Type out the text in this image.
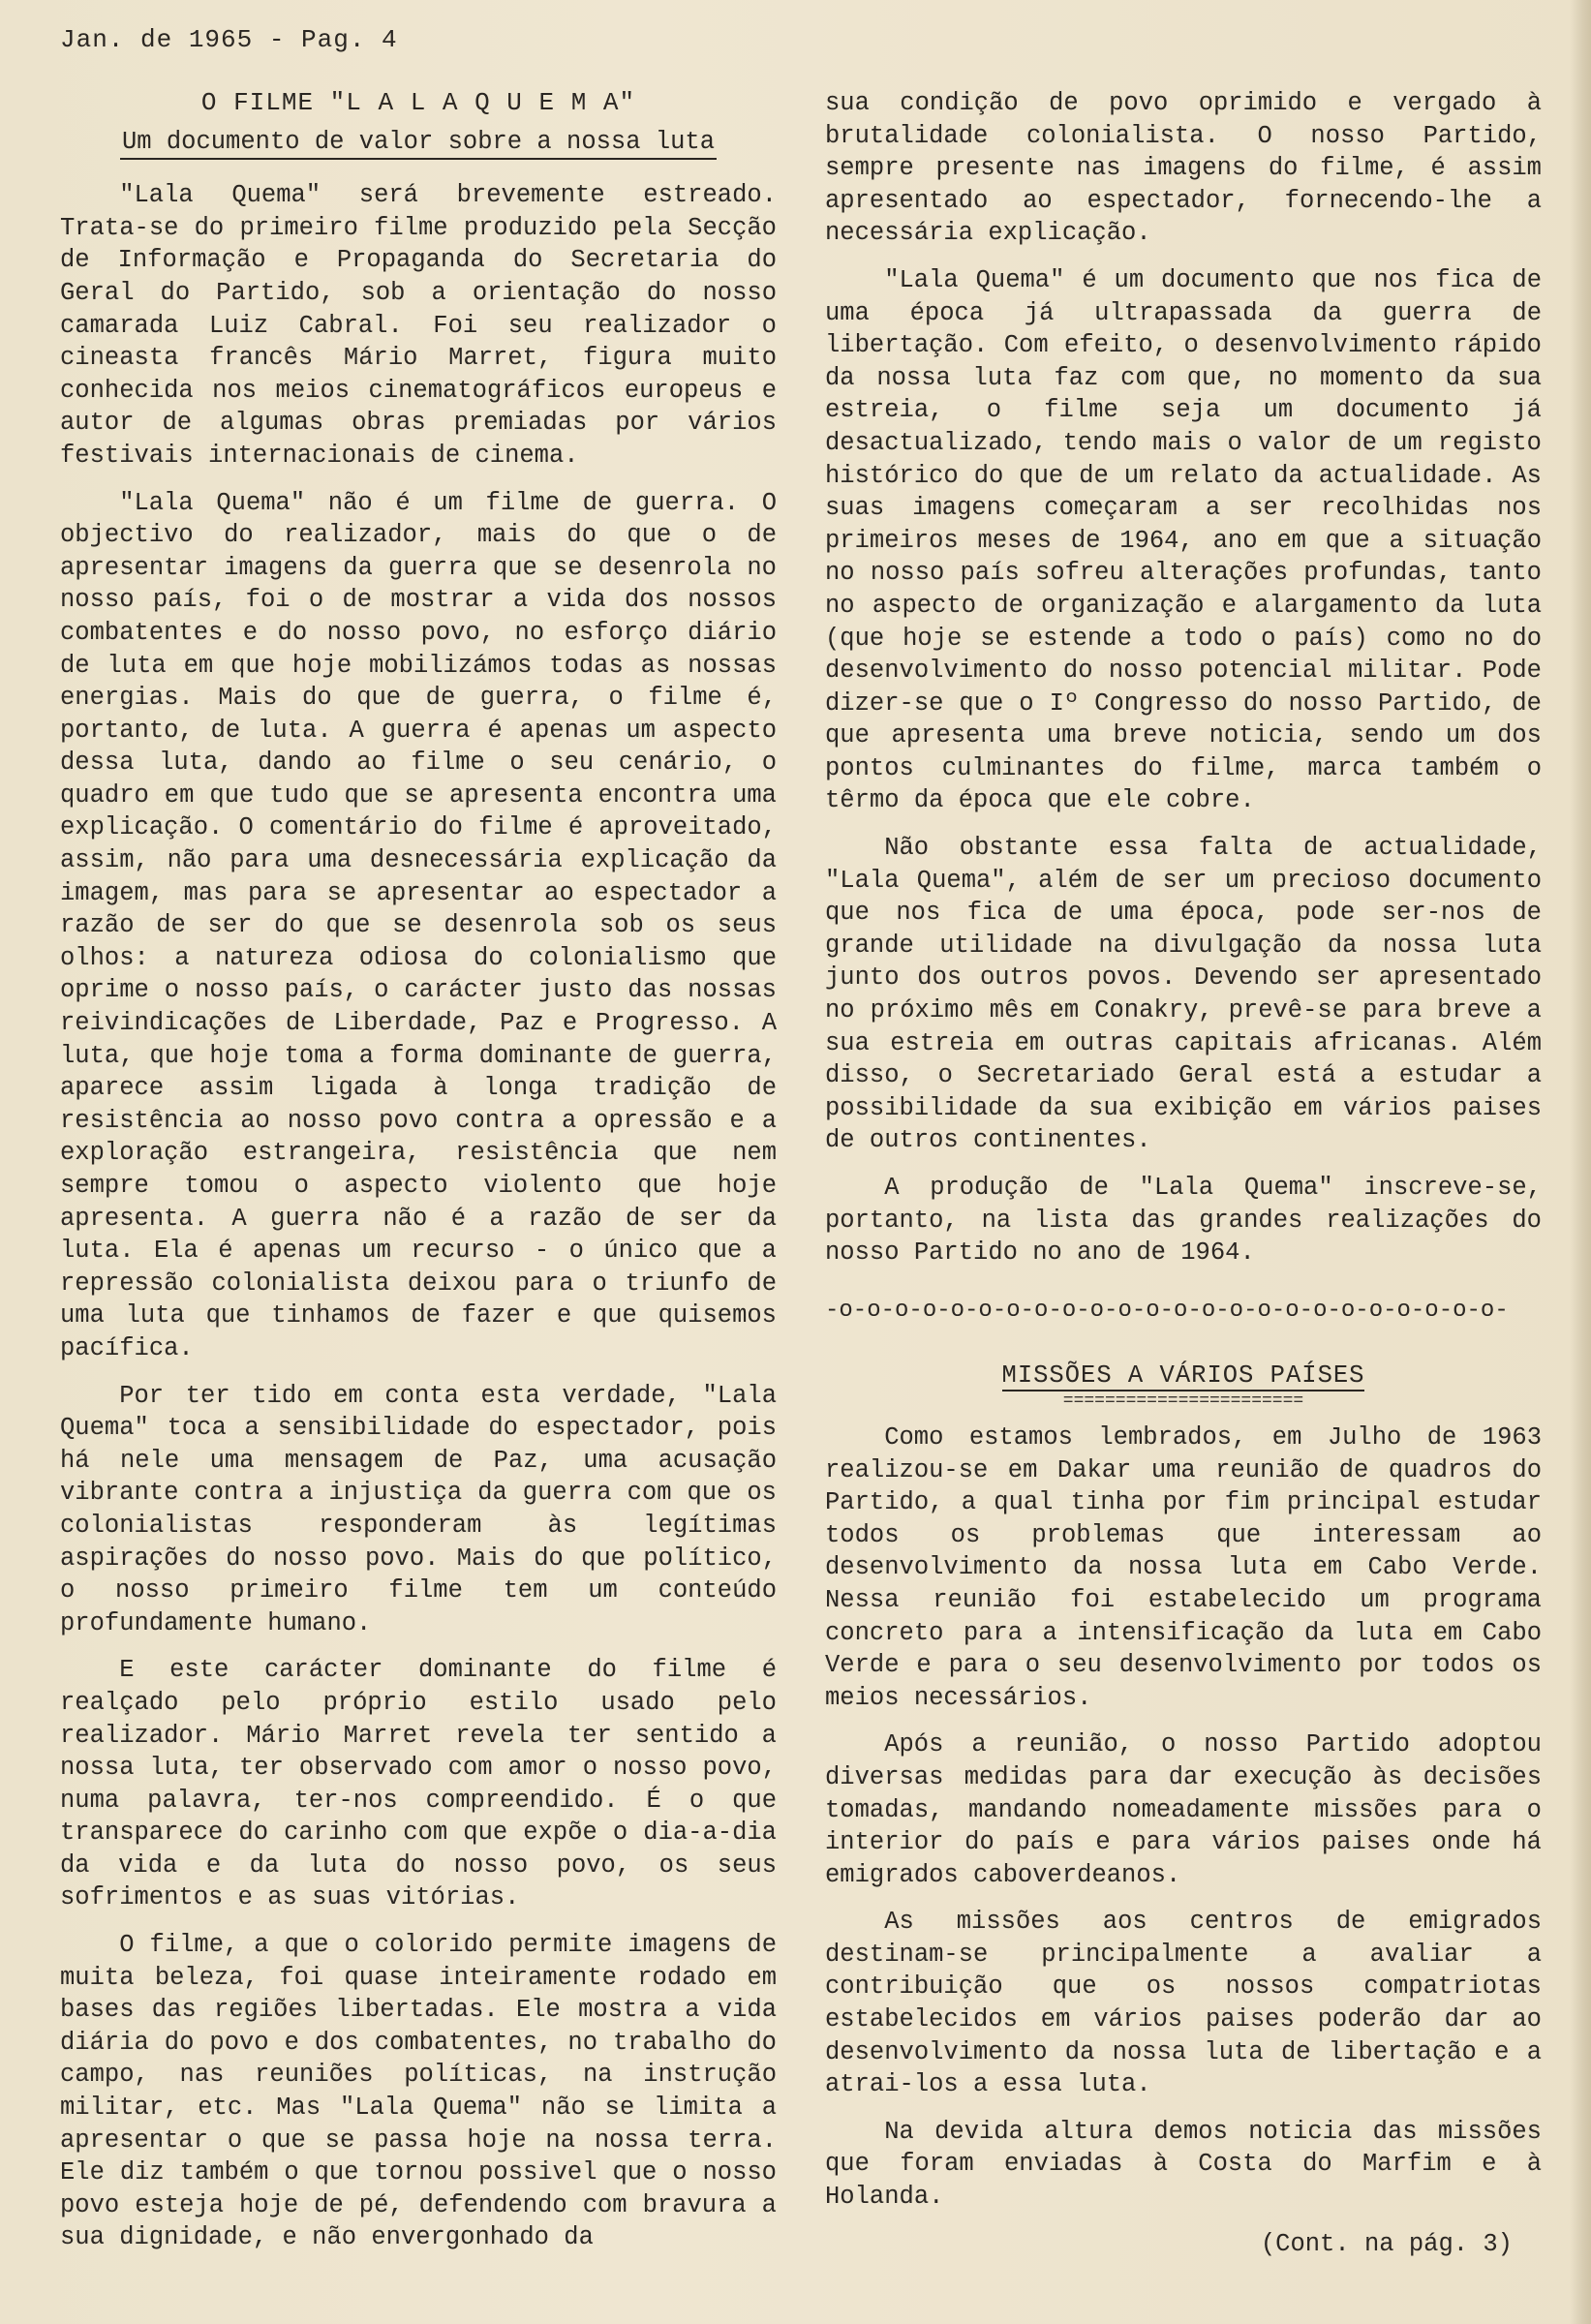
Jan. de 1965 - Pag. 4
O FILME "L A L A Q U E M A"
Um documento de valor sobre a nossa luta

"Lala Quema" será brevemente estreado. Trata-se do primeiro filme produzido pela Secção de Informação e Propaganda do Secretaria do Geral do Partido, sob a orientação do nosso camarada Luiz Cabral. Foi seu realizador o cineasta francês Mário Marret, figura muito conhecida nos meios cinematográficos europeus e autor de algumas obras premiadas por vários festivais internacionais de cinema.

"Lala Quema" não é um filme de guerra. O objectivo do realizador, mais do que o de apresentar imagens da guerra que se desenrola no nosso país, foi o de mostrar a vida dos nossos combatentes e do nosso povo, no esforço diário de luta em que hoje mobilizámos todas as nossas energias. Mais do que de guerra, o filme é, portanto, de luta. A guerra é apenas um aspecto dessa luta, dando ao filme o seu cenário, o quadro em que tudo que se apresenta encontra uma explicação. O comentário do filme é aproveitado, assim, não para uma desnecessária explicação da imagem, mas para se apresentar ao espectador a razão de ser do que se desenrola sob os seus olhos: a natureza odiosa do colonialismo que oprime o nosso país, o carácter justo das nossas reivindicações de Liberdade, Paz e Progresso. A luta, que hoje toma a forma dominante de guerra, aparece assim ligada à longa tradição de resistência ao nosso povo contra a opressão e a exploração estrangeira, resistência que nem sempre tomou o aspecto violento que hoje apresenta. A guerra não é a razão de ser da luta. Ela é apenas um recurso - o único que a repressão colonialista deixou para o triunfo de uma luta que tinhamos de fazer e que quisemos pacífica.

Por ter tido em conta esta verdade, "Lala Quema" toca a sensibilidade do espectador, pois há nele uma mensagem de Paz, uma acusação vibrante contra a injustiça da guerra com que os colonialistas responderam às legítimas aspirações do nosso povo. Mais do que político, o nosso primeiro filme tem um conteúdo profundamente humano.

E este carácter dominante do filme é realçado pelo próprio estilo usado pelo realizador. Mário Marret revela ter sentido a nossa luta, ter observado com amor o nosso povo, numa palavra, ter-nos compreendido. É o que transparece do carinho com que expõe o dia-a-dia da vida e da luta do nosso povo, os seus sofrimentos e as suas vitórias.

O filme, a que o colorido permite imagens de muita beleza, foi quase inteiramente rodado em bases das regiões libertadas. Ele mostra a vida diária do povo e dos combatentes, no trabalho do campo, nas reuniões políticas, na instrução militar, etc. Mas "Lala Quema" não se limita a apresentar o que se passa hoje na nossa terra. Ele diz também o que tornou possivel que o nosso povo esteja hoje de pé, defendendo com bravura a sua dignidade, e não envergonhado da

sua condição de povo oprimido e vergado à brutalidade colonialista. O nosso Partido, sempre presente nas imagens do filme, é assim apresentado ao espectador, fornecendo-lhe a necessária explicação.

"Lala Quema" é um documento que nos fica de uma época já ultrapassada da guerra de libertação. Com efeito, o desenvolvimento rápido da nossa luta faz com que, no momento da sua estreia, o filme seja um documento já desactualizado, tendo mais o valor de um registo histórico do que de um relato da actualidade. As suas imagens começaram a ser recolhidas nos primeiros meses de 1964, ano em que a situação no nosso país sofreu alterações profundas, tanto no aspecto de organização e alargamento da luta (que hoje se estende a todo o país) como no do desenvolvimento do nosso potencial militar. Pode dizer-se que o Iº Congresso do nosso Partido, de que apresenta uma breve noticia, sendo um dos pontos culminantes do filme, marca também o têrmo da época que ele cobre.

Não obstante essa falta de actualidade, "Lala Quema", além de ser um precioso documento que nos fica de uma época, pode ser-nos de grande utilidade na divulgação da nossa luta junto dos outros povos. Devendo ser apresentado no próximo mês em Conakry, prevê-se para breve a sua estreia em outras capitais africanas. Além disso, o Secretariado Geral está a estudar a possibilidade da sua exibição em vários paises de outros continentes.

A produção de "Lala Quema" inscreve-se, portanto, na lista das grandes realizações do nosso Partido no ano de 1964.

-o-o-o-o-o-o-o-o-o-o-o-o-o-o-o-o-o-o-o-o-o-o-o-o-
MISSÕES A VÁRIOS PAÍSES
=======================

Como estamos lembrados, em Julho de 1963 realizou-se em Dakar uma reunião de quadros do Partido, a qual tinha por fim principal estudar todos os problemas que interessam ao desenvolvimento da nossa luta em Cabo Verde. Nessa reunião foi estabelecido um programa concreto para a intensificação da luta em Cabo Verde e para o seu desenvolvimento por todos os meios necessários.

Após a reunião, o nosso Partido adoptou diversas medidas para dar execução às decisões tomadas, mandando nomeadamente missões para o interior do país e para vários paises onde há emigrados caboverdeanos.

As missões aos centros de emigrados destinam-se principalmente a avaliar a contribuição que os nossos compatriotas estabelecidos em vários paises poderão dar ao desenvolvimento da nossa luta de libertação e a atrai-los a essa luta.

Na devida altura demos noticia das missões que foram enviadas à Costa do Marfim e à Holanda.

(Cont. na pág. 3)
